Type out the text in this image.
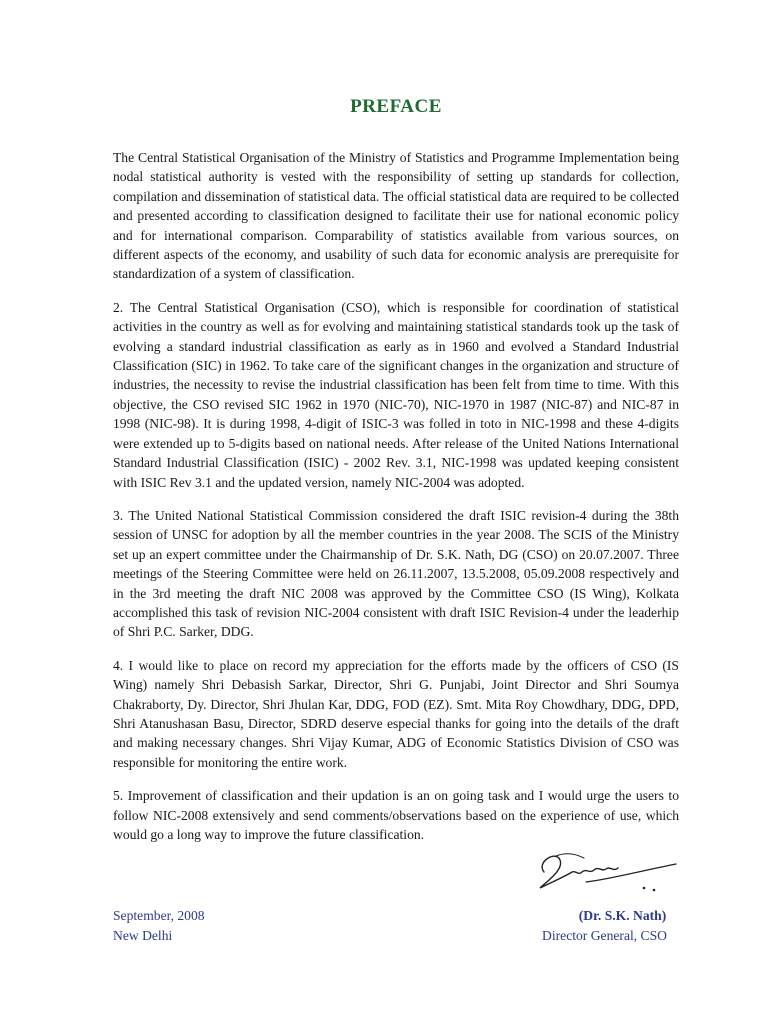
PREFACE

The Central Statistical Organisation of the Ministry of Statistics and Programme Implementation being nodal statistical authority is vested with the responsibility of setting up standards for collection, compilation and dissemination of statistical data. The official statistical data are required to be collected and presented according to classification designed to facilitate their use for national economic policy and for international comparison. Comparability of statistics available from various sources, on different aspects of the economy, and usability of such data for economic analysis are prerequisite for standardization of a system of classification.

2. The Central Statistical Organisation (CSO), which is responsible for coordination of statistical activities in the country as well as for evolving and maintaining statistical standards took up the task of evolving a standard industrial classification as early as in 1960 and evolved a Standard Industrial Classification (SIC) in 1962. To take care of the significant changes in the organization and structure of industries, the necessity to revise the industrial classification has been felt from time to time. With this objective, the CSO revised SIC 1962 in 1970 (NIC-70), NIC-1970 in 1987 (NIC-87) and NIC-87 in 1998 (NIC-98). It is during 1998, 4-digit of ISIC-3 was folled in toto in NIC-1998 and these 4-digits were extended up to 5-digits based on national needs. After release of the United Nations International Standard Industrial Classification (ISIC) - 2002 Rev. 3.1, NIC-1998 was updated keeping consistent with ISIC Rev 3.1 and the updated version, namely NIC-2004 was adopted.

3. The United National Statistical Commission considered the draft ISIC revision-4 during the 38th session of UNSC for adoption by all the member countries in the year 2008. The SCIS of the Ministry set up an expert committee under the Chairmanship of Dr. S.K. Nath, DG (CSO) on 20.07.2007. Three meetings of the Steering Committee were held on 26.11.2007, 13.5.2008, 05.09.2008 respectively and in the 3rd meeting the draft NIC 2008 was approved by the Committee CSO (IS Wing), Kolkata accomplished this task of revision NIC-2004 consistent with draft ISIC Revision-4 under the leaderhip of Shri P.C. Sarker, DDG.

4. I would like to place on record my appreciation for the efforts made by the officers of CSO (IS Wing) namely Shri Debasish Sarkar, Director, Shri G. Punjabi, Joint Director and Shri Soumya Chakraborty, Dy. Director, Shri Jhulan Kar, DDG, FOD (EZ). Smt. Mita Roy Chowdhary, DDG, DPD, Shri Atanushasan Basu, Director, SDRD deserve especial thanks for going into the details of the draft and making necessary changes. Shri Vijay Kumar, ADG of Economic Statistics Division of CSO was responsible for monitoring the entire work.

5. Improvement of classification and their updation is an on going task and I would urge the users to follow NIC-2008 extensively and send comments/observations based on the experience of use, which would go a long way to improve the future classification.

September, 2008
New Delhi
(Dr. S.K. Nath)
Director General, CSO
